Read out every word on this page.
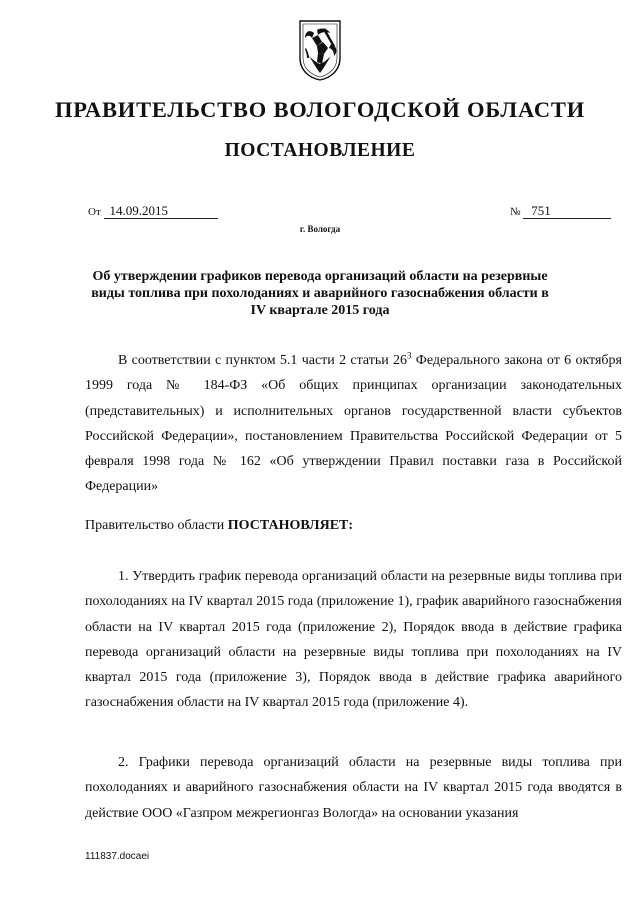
ПРАВИТЕЛЬСТВО ВОЛОГОДСКОЙ ОБЛАСТИ
ПОСТАНОВЛЕНИЕ
От 14.09.2015	№ 751
г. Вологда
Об утверждении графиков перевода организаций области на резервные виды топлива при похолоданиях и аварийного газоснабжения области в IV квартале 2015 года

В соответствии с пунктом 5.1 части 2 статьи $26^3$ Федерального закона от 6 октября 1999 года № 184-ФЗ «Об общих принципах организации законодательных (представительных) и исполнительных органов государственной власти субъектов Российской Федерации», постановлением Правительства Российской Федерации от 5 февраля 1998 года № 162 «Об утверждении Правил поставки газа в Российской Федерации»

Правительство области ПОСТАНОВЛЯЕТ:

1. Утвердить график перевода организаций области на резервные виды топлива при похолоданиях на IV квартал 2015 года (приложение 1), график аварийного газоснабжения области на IV квартал 2015 года (приложение 2), Порядок ввода в действие графика перевода организаций области на резервные виды топлива при похолоданиях на IV квартал 2015 года (приложение 3), Порядок ввода в действие графика аварийного газоснабжения области на IV квартал 2015 года (приложение 4).

2. Графики перевода организаций области на резервные виды топлива при похолоданиях и аварийного газоснабжения области на IV квартал 2015 года вводятся в действие ООО «Газпром межрегионгаз Вологда» на основании указания

111837.docaei
